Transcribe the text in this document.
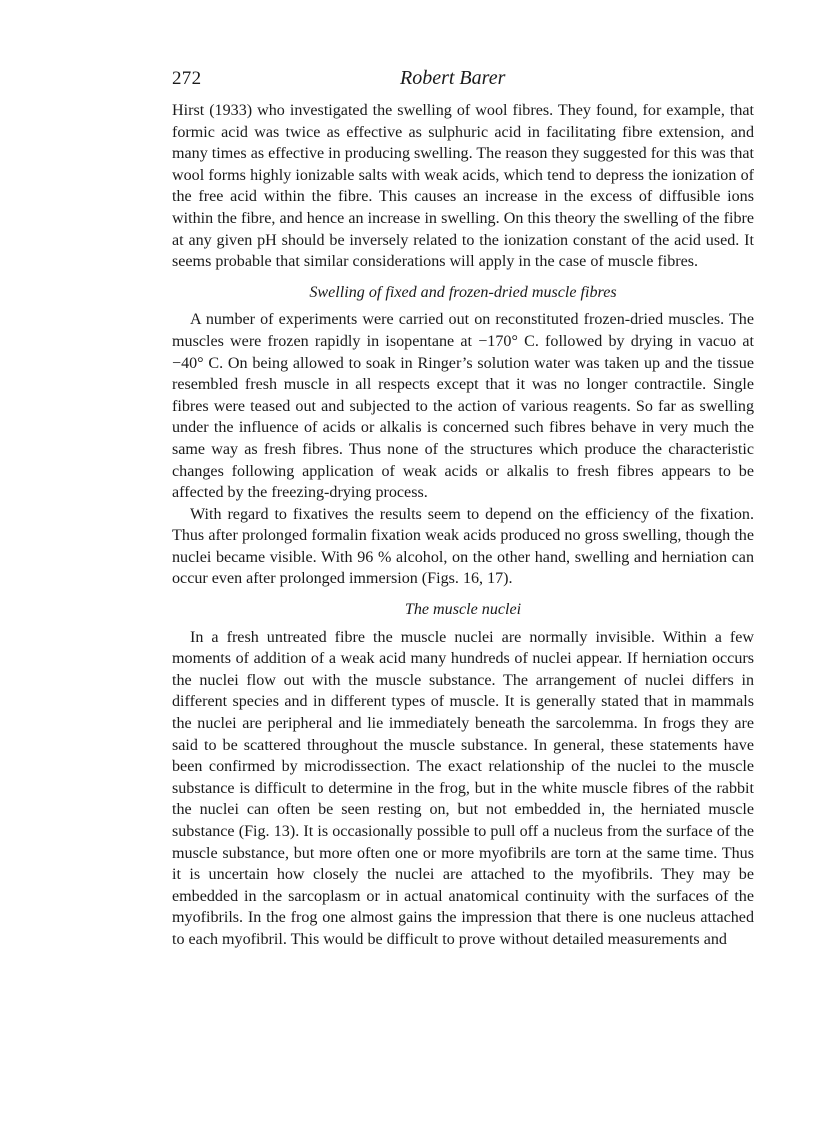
272	Robert Barer

Hirst (1933) who investigated the swelling of wool fibres. They found, for example, that formic acid was twice as effective as sulphuric acid in facilitating fibre extension, and many times as effective in producing swelling. The reason they suggested for this was that wool forms highly ionizable salts with weak acids, which tend to depress the ionization of the free acid within the fibre. This causes an increase in the excess of diffusible ions within the fibre, and hence an increase in swelling. On this theory the swelling of the fibre at any given pH should be inversely related to the ionization constant of the acid used. It seems probable that similar considerations will apply in the case of muscle fibres.

Swelling of fixed and frozen-dried muscle fibres

A number of experiments were carried out on reconstituted frozen-dried muscles. The muscles were frozen rapidly in isopentane at −170° C. followed by drying in vacuo at −40° C. On being allowed to soak in Ringer’s solution water was taken up and the tissue resembled fresh muscle in all respects except that it was no longer contractile. Single fibres were teased out and subjected to the action of various reagents. So far as swelling under the influence of acids or alkalis is concerned such fibres behave in very much the same way as fresh fibres. Thus none of the structures which produce the characteristic changes following application of weak acids or alkalis to fresh fibres appears to be affected by the freezing-drying process.

With regard to fixatives the results seem to depend on the efficiency of the fixation. Thus after prolonged formalin fixation weak acids produced no gross swelling, though the nuclei became visible. With 96 % alcohol, on the other hand, swelling and herniation can occur even after prolonged immersion (Figs. 16, 17).

The muscle nuclei

In a fresh untreated fibre the muscle nuclei are normally invisible. Within a few moments of addition of a weak acid many hundreds of nuclei appear. If herniation occurs the nuclei flow out with the muscle substance. The arrangement of nuclei differs in different species and in different types of muscle. It is generally stated that in mammals the nuclei are peripheral and lie immediately beneath the sarcolemma. In frogs they are said to be scattered throughout the muscle substance. In general, these statements have been confirmed by microdissection. The exact relationship of the nuclei to the muscle substance is difficult to determine in the frog, but in the white muscle fibres of the rabbit the nuclei can often be seen resting on, but not embedded in, the herniated muscle substance (Fig. 13). It is occasionally possible to pull off a nucleus from the surface of the muscle substance, but more often one or more myofibrils are torn at the same time. Thus it is uncertain how closely the nuclei are attached to the myofibrils. They may be embedded in the sarcoplasm or in actual anatomical continuity with the surfaces of the myofibrils. In the frog one almost gains the impression that there is one nucleus attached to each myofibril. This would be difficult to prove without detailed measurements and
